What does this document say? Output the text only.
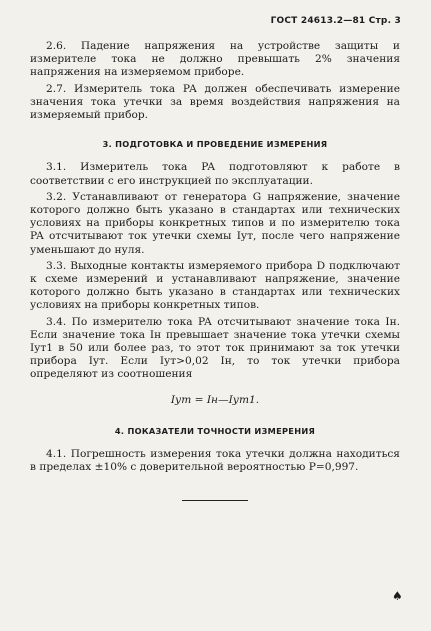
ГОСТ 24613.2—81 Стр. 3

2.6. Падение напряжения на устройстве защиты и измерителе тока не должно превышать 2% значения напряжения на измеряемом приборе.

2.7. Измеритель тока PA должен обеспечивать измерение значения тока утечки за время воздействия напряжения на измеряемый прибор.

3. ПОДГОТОВКА И ПРОВЕДЕНИЕ ИЗМЕРЕНИЯ

3.1. Измеритель тока PA подготовляют к работе в соответствии с его инструкцией по эксплуатации.

3.2. Устанавливают от генератора G напряжение, значение которого должно быть указано в стандартах или технических условиях на приборы конкретных типов и по измерителю тока PA отсчитывают ток утечки схемы Iут, после чего напряжение уменьшают до нуля.

3.3. Выходные контакты измеряемого прибора D подключают к схеме измерений и устанавливают напряжение, значение которого должно быть указано в стандартах или технических условиях на приборы конкретных типов.

3.4. По измерителю тока PA отсчитывают значение тока Iн. Если значение тока Iн превышает значение тока утечки схемы Iут1 в 50 или более раз, то этот ток принимают за ток утечки прибора Iут. Если Iут>0,02 Iн, то ток утечки прибора определяют из соотношения

Iут = Iн—Iут1.
4. ПОКАЗАТЕЛИ ТОЧНОСТИ ИЗМЕРЕНИЯ

4.1. Погрешность измерения тока утечки должна находиться в пределах ±10% с доверительной вероятностью P=0,997.

♠
